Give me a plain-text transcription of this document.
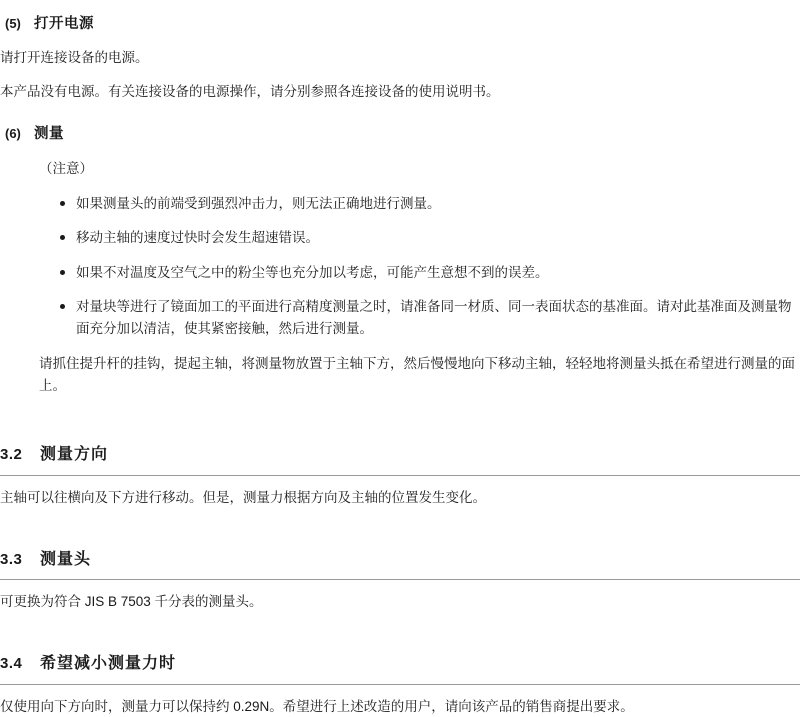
(5) 打开电源
请打开连接设备的电源。
本产品没有电源。有关连接设备的电源操作，请分别参照各连接设备的使用说明书。
(6) 测量
（注意）
如果测量头的前端受到强烈冲击力，则无法正确地进行测量。
移动主轴的速度过快时会发生超速错误。
如果不对温度及空气之中的粉尘等也充分加以考虑，可能产生意想不到的误差。
对量块等进行了镜面加工的平面进行高精度测量之时，请准备同一材质、同一表面状态的基准面。请对此基准面及测量物面充分加以清洁，使其紧密接触，然后进行测量。
请抓住提升杆的挂钩，提起主轴，将测量物放置于主轴下方，然后慢慢地向下移动主轴，轻轻地将测量头抵在希望进行测量的面上。
3.2	测量方向
主轴可以往横向及下方进行移动。但是，测量力根据方向及主轴的位置发生变化。
3.3	测量头
可更换为符合 JIS B 7503 千分表的测量头。
3.4	希望减小测量力时
仅使用向下方向时，测量力可以保持约 0.29N。希望进行上述改造的用户，请向该产品的销售商提出要求。
